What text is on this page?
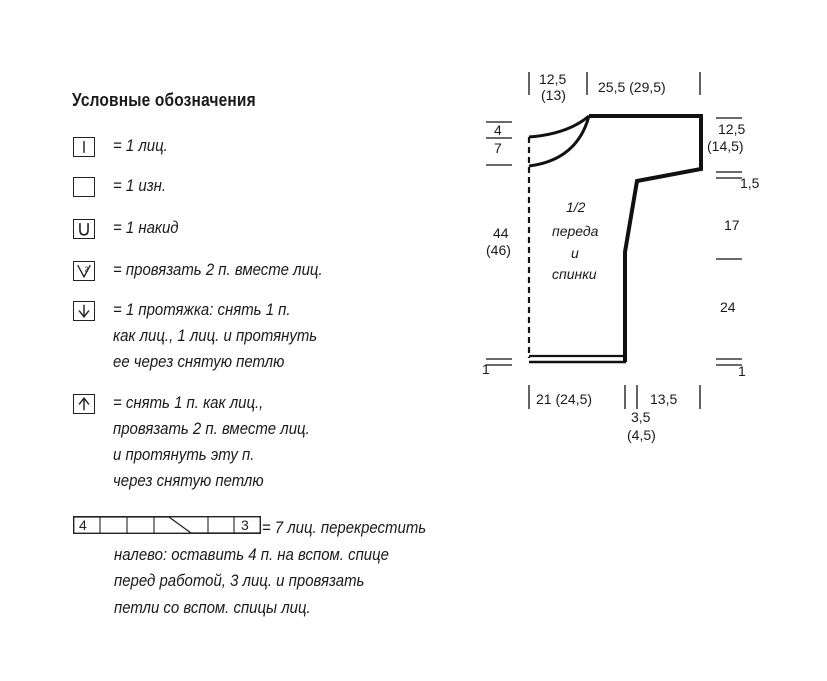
Условные обозначения
= 1 лиц.
= 1 изн.
= 1 накид
2 = провязать 2 п. вместе лиц.
= 1 протяжка: снять 1 п.
как лиц., 1 лиц. и протянуть
ее через снятую петлю
= снять 1 п. как лиц.,
провязать 2 п. вместе лиц.
и протянуть эту п.
через снятую петлю
4	3 = 7 лиц. перекрестить
налево: оставить 4 п. на вспом. спице
перед работой, 3 лиц. и провязать
петли со вспом. спицы лиц.
12,5
(13) 25,5 (29,5)
4
7
44
(46)
1
1/2
переда
и
спинки
12,5
(14,5)
1,5
17
24
1
21 (24,5)	13,5
3,5
(4,5)
